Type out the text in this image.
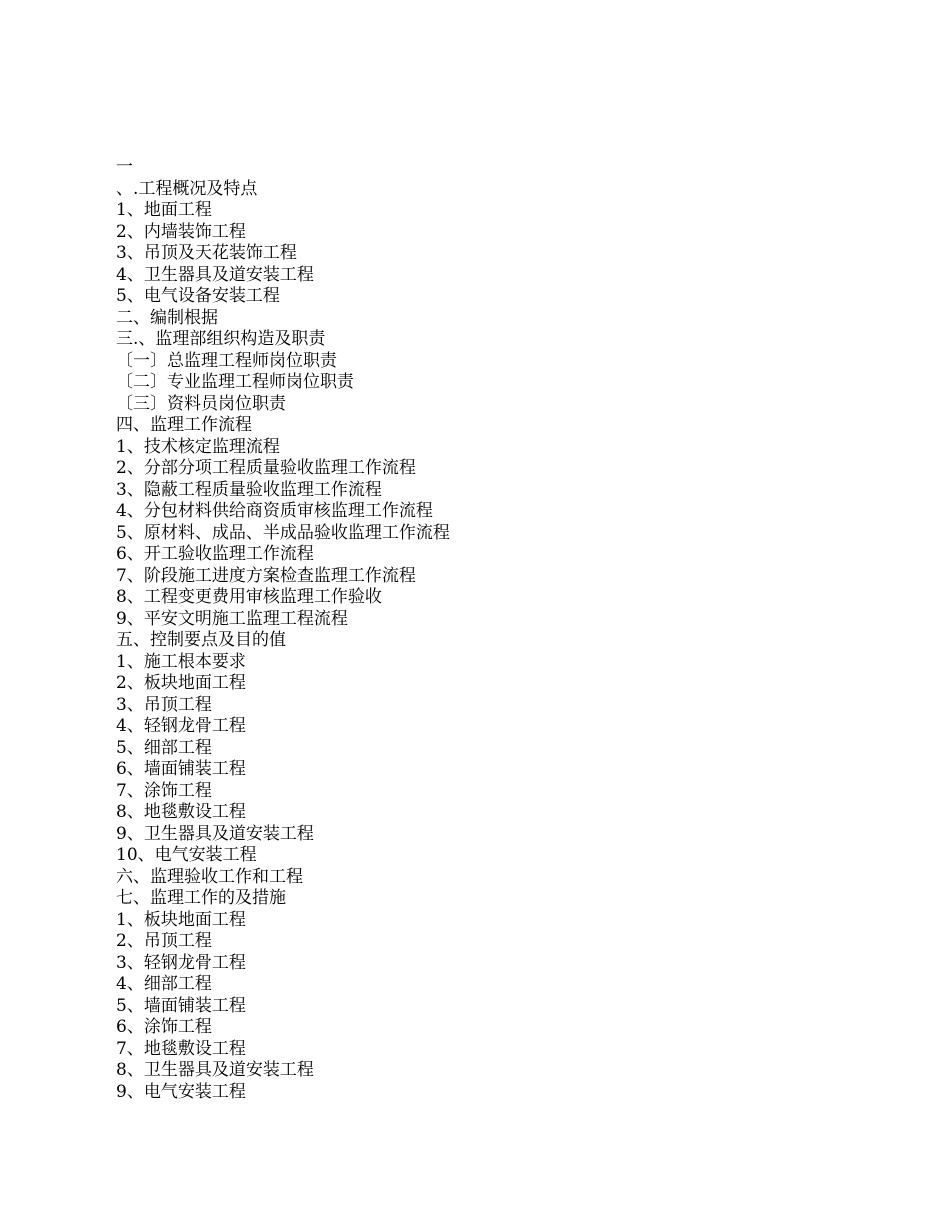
一
、.工程概况及特点
1、地面工程
2、内墙装饰工程
3、吊顶及天花装饰工程
4、卫生器具及道安装工程
5、电气设备安装工程
二、编制根据
三.、监理部组织构造及职责
〔一〕总监理工程师岗位职责
〔二〕专业监理工程师岗位职责
〔三〕资料员岗位职责
四、监理工作流程
1、技术核定监理流程
2、分部分项工程质量验收监理工作流程
3、隐蔽工程质量验收监理工作流程
4、分包材料供给商资质审核监理工作流程
5、原材料、成品、半成品验收监理工作流程
6、开工验收监理工作流程
7、阶段施工进度方案检查监理工作流程
8、工程变更费用审核监理工作验收
9、平安文明施工监理工程流程
五、控制要点及目的值
1、施工根本要求
2、板块地面工程
3、吊顶工程
4、轻钢龙骨工程
5、细部工程
6、墙面铺装工程
7、涂饰工程
8、地毯敷设工程
9、卫生器具及道安装工程
10、电气安装工程
六、监理验收工作和工程
七、监理工作的及措施
1、板块地面工程
2、吊顶工程
3、轻钢龙骨工程
4、细部工程
5、墙面铺装工程
6、涂饰工程
7、地毯敷设工程
8、卫生器具及道安装工程
9、电气安装工程
